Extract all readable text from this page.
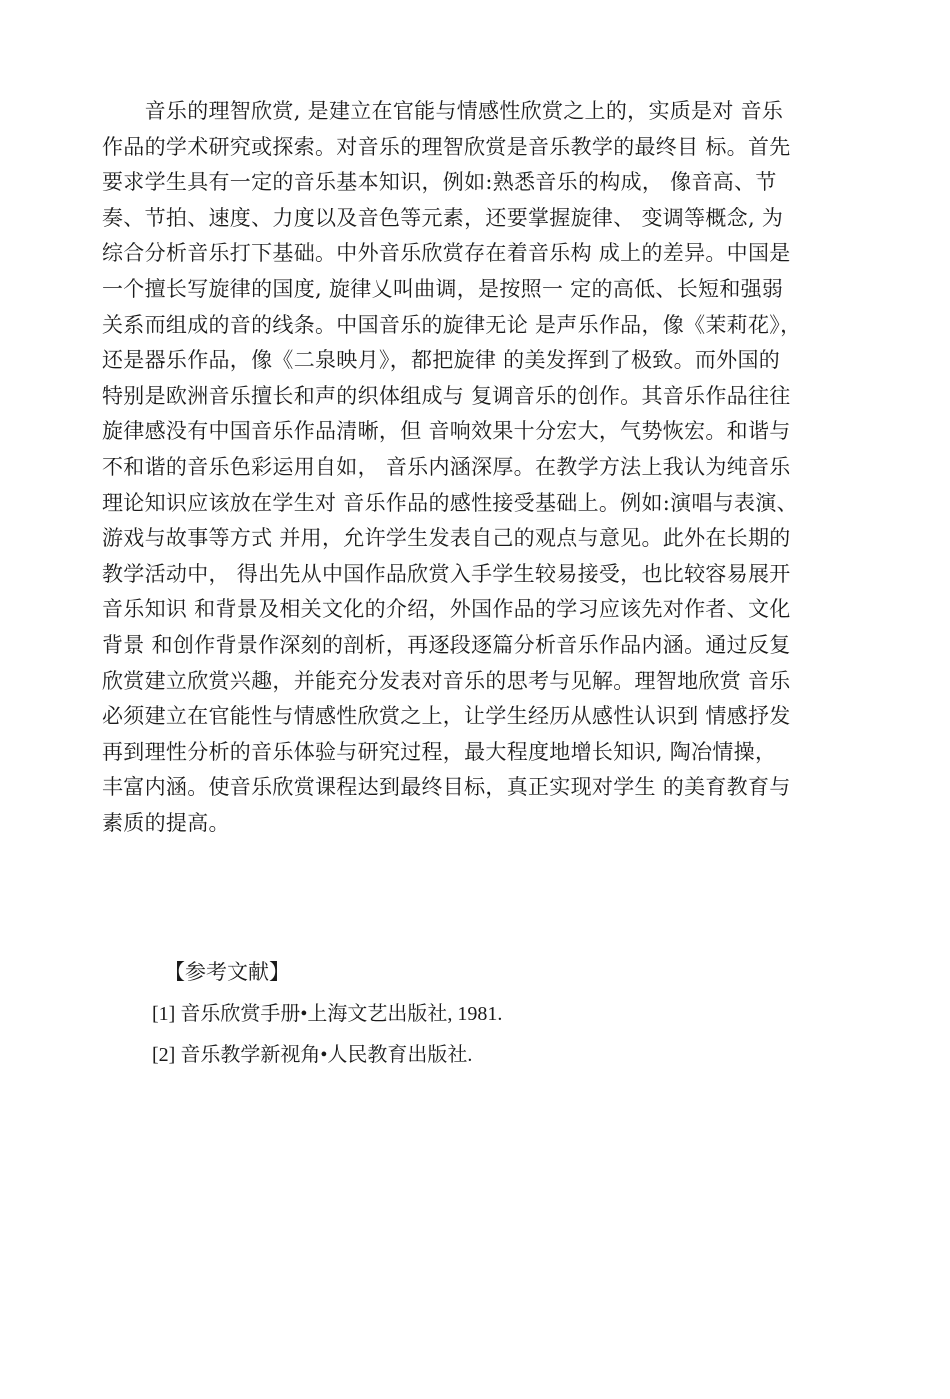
　　音乐的理智欣赏, 是建立在官能与情感性欣赏之上的，实质是对 音乐
作品的学术研究或探索。对音乐的理智欣赏是音乐教学的最终目 标。首先
要求学生具有一定的音乐基本知识，例如:熟悉音乐的构成， 像音高、节
奏、节拍、速度、力度以及音色等元素，还要掌握旋律、 变调等概念, 为
综合分析音乐打下基础。中外音乐欣赏存在着音乐构 成上的差异。中国是
一个擅长写旋律的国度, 旋律乂叫曲调，是按照一 定的高低、长短和强弱
关系而组成的音的线条。中国音乐的旋律无论 是声乐作品，像《茉莉花》，
还是器乐作品，像《二泉映月》，都把旋律 的美发挥到了极致。而外国的
特别是欧洲音乐擅长和声的织体组成与 复调音乐的创作。其音乐作品往往
旋律感没有中国音乐作品清晰，但 音响效果十分宏大，气势恢宏。和谐与
不和谐的音乐色彩运用自如， 音乐内涵深厚。在教学方法上我认为纯音乐
理论知识应该放在学生对 音乐作品的感性接受基础上。例如:演唱与表演、
游戏与故事等方式 并用，允许学生发表自己的观点与意见。此外在长期的
教学活动中， 得出先从中国作品欣赏入手学生较易接受，也比较容易展开
音乐知识 和背景及相关文化的介绍，外国作品的学习应该先对作者、文化
背景 和创作背景作深刻的剖析，再逐段逐篇分析音乐作品内涵。通过反复
欣赏建立欣赏兴趣，并能充分发表对音乐的思考与见解。理智地欣赏 音乐
必须建立在官能性与情感性欣赏之上，让学生经历从感性认识到 情感抒发
再到理性分析的音乐体验与研究过程，最大程度地增长知识, 陶冶情操，
丰富内涵。使音乐欣赏课程达到最终目标，真正实现对学生 的美育教育与
素质的提高。
【参考文献】
[1] 音乐欣赏手册•上海文艺出版社, 1981.
[2] 音乐教学新视角•人民教育出版社.
